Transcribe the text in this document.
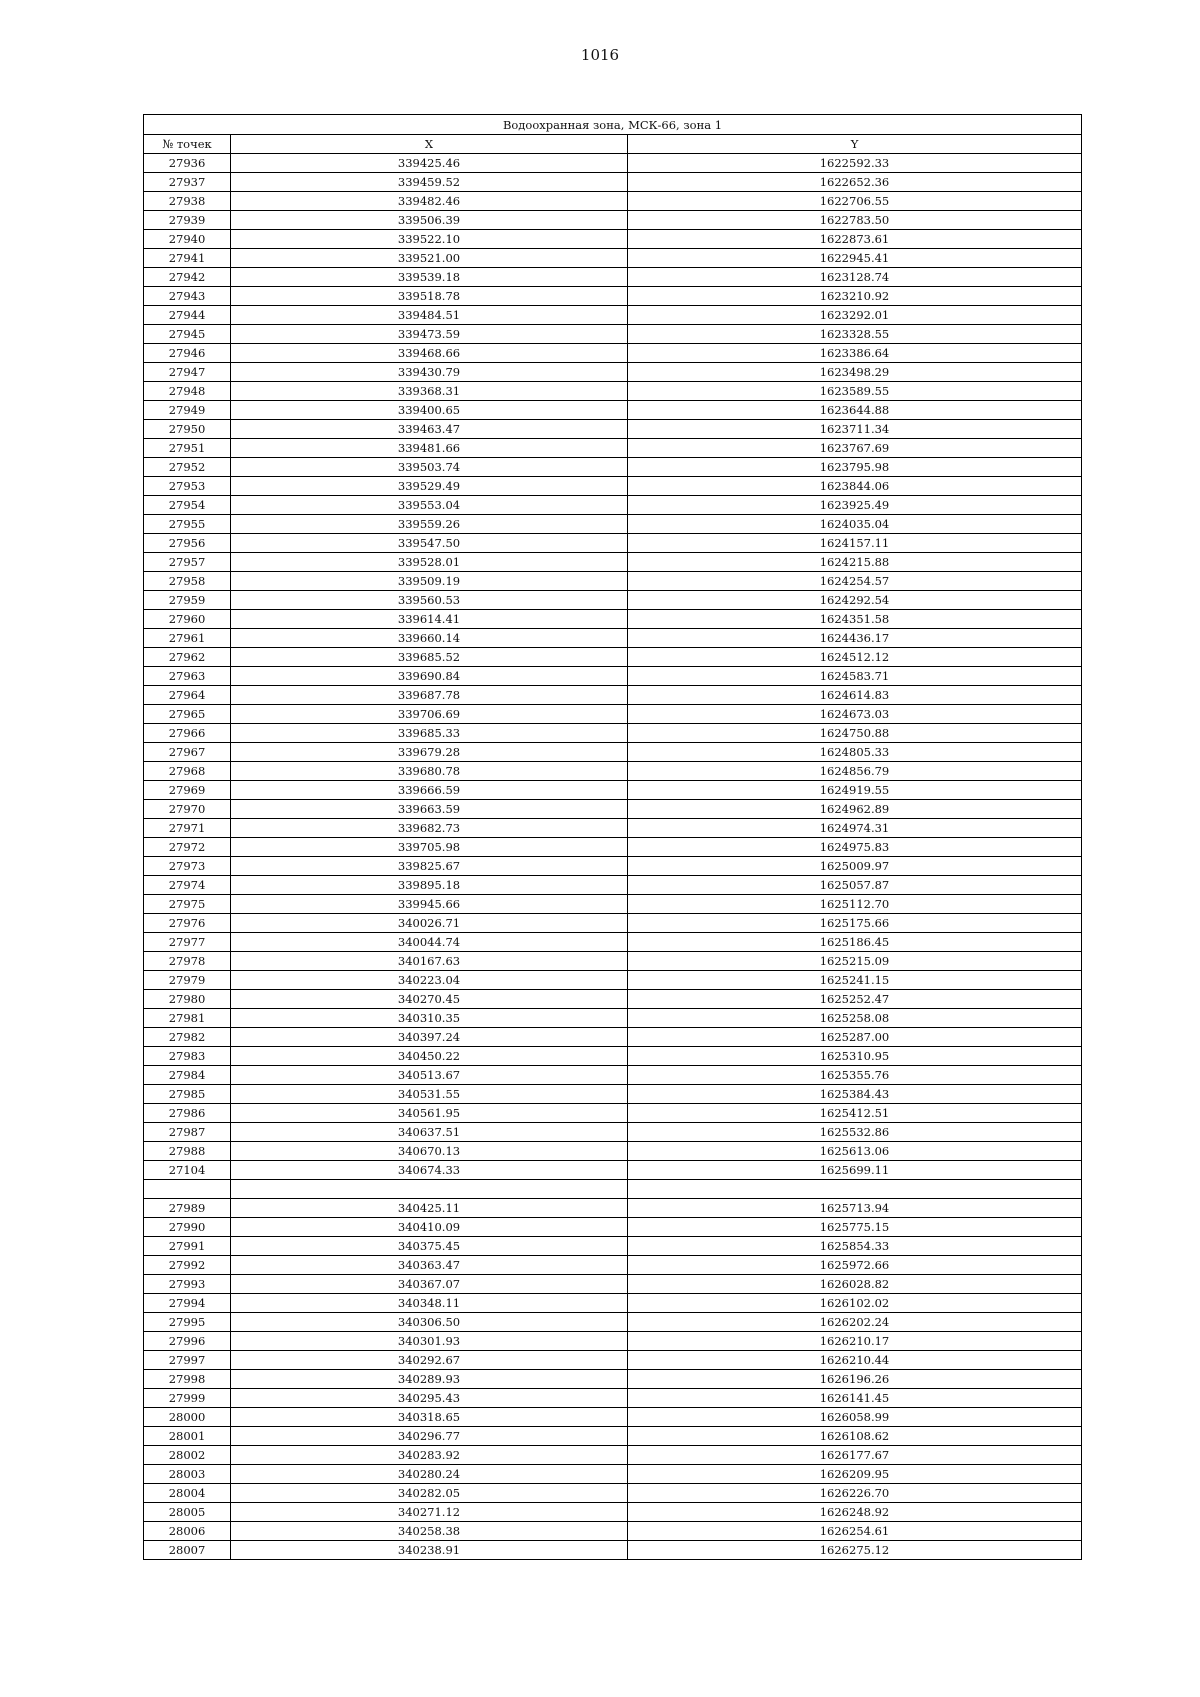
1016
Водоохранная зона, МСК-66, зона 1		
№ точек	X	Y
27936	339425.46	1622592.33
27937	339459.52	1622652.36
27938	339482.46	1622706.55
27939	339506.39	1622783.50
27940	339522.10	1622873.61
27941	339521.00	1622945.41
27942	339539.18	1623128.74
27943	339518.78	1623210.92
27944	339484.51	1623292.01
27945	339473.59	1623328.55
27946	339468.66	1623386.64
27947	339430.79	1623498.29
27948	339368.31	1623589.55
27949	339400.65	1623644.88
27950	339463.47	1623711.34
27951	339481.66	1623767.69
27952	339503.74	1623795.98
27953	339529.49	1623844.06
27954	339553.04	1623925.49
27955	339559.26	1624035.04
27956	339547.50	1624157.11
27957	339528.01	1624215.88
27958	339509.19	1624254.57
27959	339560.53	1624292.54
27960	339614.41	1624351.58
27961	339660.14	1624436.17
27962	339685.52	1624512.12
27963	339690.84	1624583.71
27964	339687.78	1624614.83
27965	339706.69	1624673.03
27966	339685.33	1624750.88
27967	339679.28	1624805.33
27968	339680.78	1624856.79
27969	339666.59	1624919.55
27970	339663.59	1624962.89
27971	339682.73	1624974.31
27972	339705.98	1624975.83
27973	339825.67	1625009.97
27974	339895.18	1625057.87
27975	339945.66	1625112.70
27976	340026.71	1625175.66
27977	340044.74	1625186.45
27978	340167.63	1625215.09
27979	340223.04	1625241.15
27980	340270.45	1625252.47
27981	340310.35	1625258.08
27982	340397.24	1625287.00
27983	340450.22	1625310.95
27984	340513.67	1625355.76
27985	340531.55	1625384.43
27986	340561.95	1625412.51
27987	340637.51	1625532.86
27988	340670.13	1625613.06
27104	340674.33	1625699.11

27989	340425.11	1625713.94
27990	340410.09	1625775.15
27991	340375.45	1625854.33
27992	340363.47	1625972.66
27993	340367.07	1626028.82
27994	340348.11	1626102.02
27995	340306.50	1626202.24
27996	340301.93	1626210.17
27997	340292.67	1626210.44
27998	340289.93	1626196.26
27999	340295.43	1626141.45
28000	340318.65	1626058.99
28001	340296.77	1626108.62
28002	340283.92	1626177.67
28003	340280.24	1626209.95
28004	340282.05	1626226.70
28005	340271.12	1626248.92
28006	340258.38	1626254.61
28007	340238.91	1626275.12
